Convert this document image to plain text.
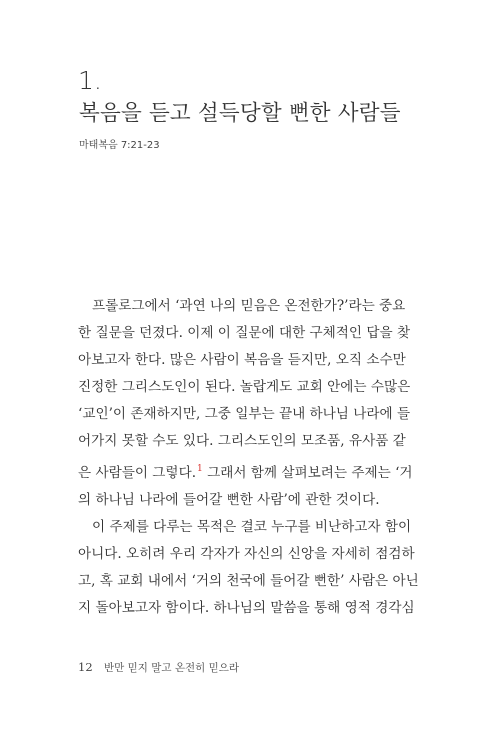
1.
복음을 듣고 설득당할 뻔한 사람들
마태복음 7:21-23
프롤로그에서 ‘과연 나의 믿음은 온전한가?’라는 중요
한 질문을 던졌다. 이제 이 질문에 대한 구체적인 답을 찾
아보고자 한다. 많은 사람이 복음을 듣지만, 오직 소수만
진정한 그리스도인이 된다. 놀랍게도 교회 안에는 수많은
‘교인’이 존재하지만, 그중 일부는 끝내 하나님 나라에 들
어가지 못할 수도 있다. 그리스도인의 모조품, 유사품 같
은 사람들이 그렇다.$^1$ 그래서 함께 살펴보려는 주제는 ‘거
의 하나님 나라에 들어갈 뻔한 사람’에 관한 것이다.
이 주제를 다루는 목적은 결코 누구를 비난하고자 함이
아니다. 오히려 우리 각자가 자신의 신앙을 자세히 점검하
고, 혹 교회 내에서 ‘거의 천국에 들어갈 뻔한’ 사람은 아닌
지 돌아보고자 함이다. 하나님의 말씀을 통해 영적 경각심
12 반만 믿지 말고 온전히 믿으라
